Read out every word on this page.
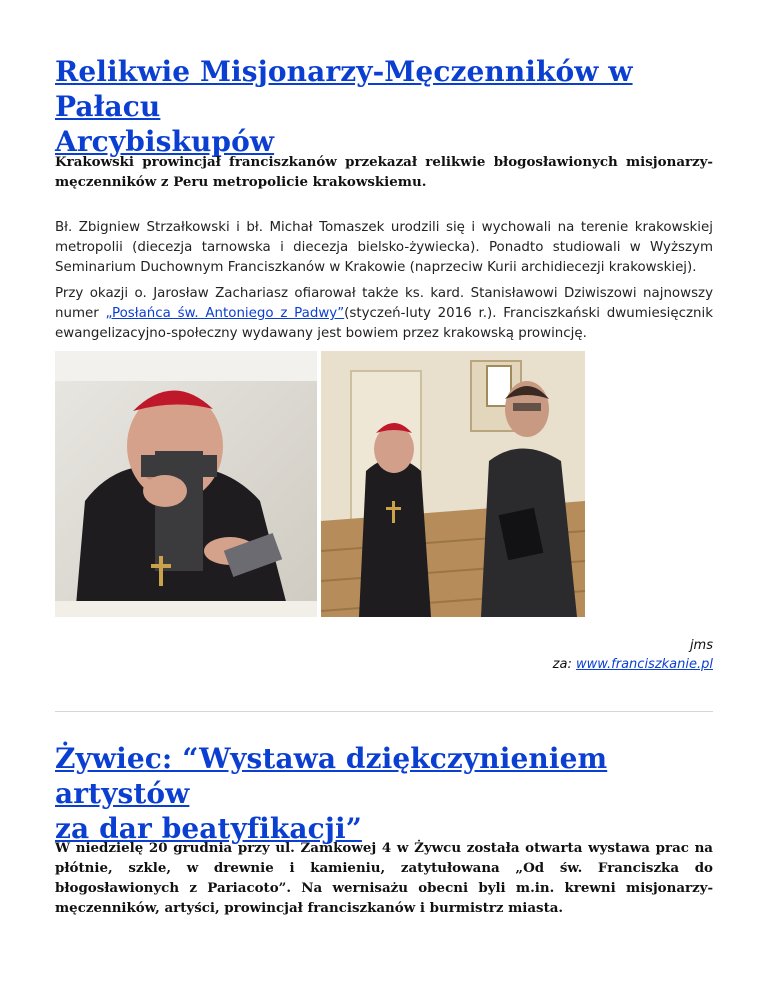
Relikwie Misjonarzy-Męczenników w Pałacu
Arcybiskupów

Krakowski prowincjał franciszkanów przekazał relikwie błogosławionych misjonarzy-męczenników z Peru metropolicie krakowskiemu.

Bł. Zbigniew Strzałkowski i bł. Michał Tomaszek urodzili się i wychowali na terenie krakowskiej metropolii (diecezja tarnowska i diecezja bielsko-żywiecka). Ponadto studiowali w Wyższym Seminarium Duchownym Franciszkanów w Krakowie (naprzeciw Kurii archidiecezji krakowskiej).

Przy okazji o. Jarosław Zachariasz ofiarował także ks. kard. Stanisławowi Dziwiszowi najnowszy numer „Posłańca św. Antoniego z Padwy”(styczeń-luty 2016 r.). Franciszkański dwumiesięcznik ewangelizacyjno-społeczny wydawany jest bowiem przez krakowską prowincję.

jms
za: www.franciszkanie.pl
Żywiec: “Wystawa dziękczynieniem artystów
za dar beatyfikacji”

W niedzielę 20 grudnia przy ul. Zamkowej 4 w Żywcu została otwarta wystawa prac na płótnie, szkle, w drewnie i kamieniu, zatytułowana „Od św. Franciszka do błogosławionych z Pariacoto”. Na wernisażu obecni byli m.in. krewni misjonarzy-męczenników, artyści, prowincjał franciszkanów i burmistrz miasta.
